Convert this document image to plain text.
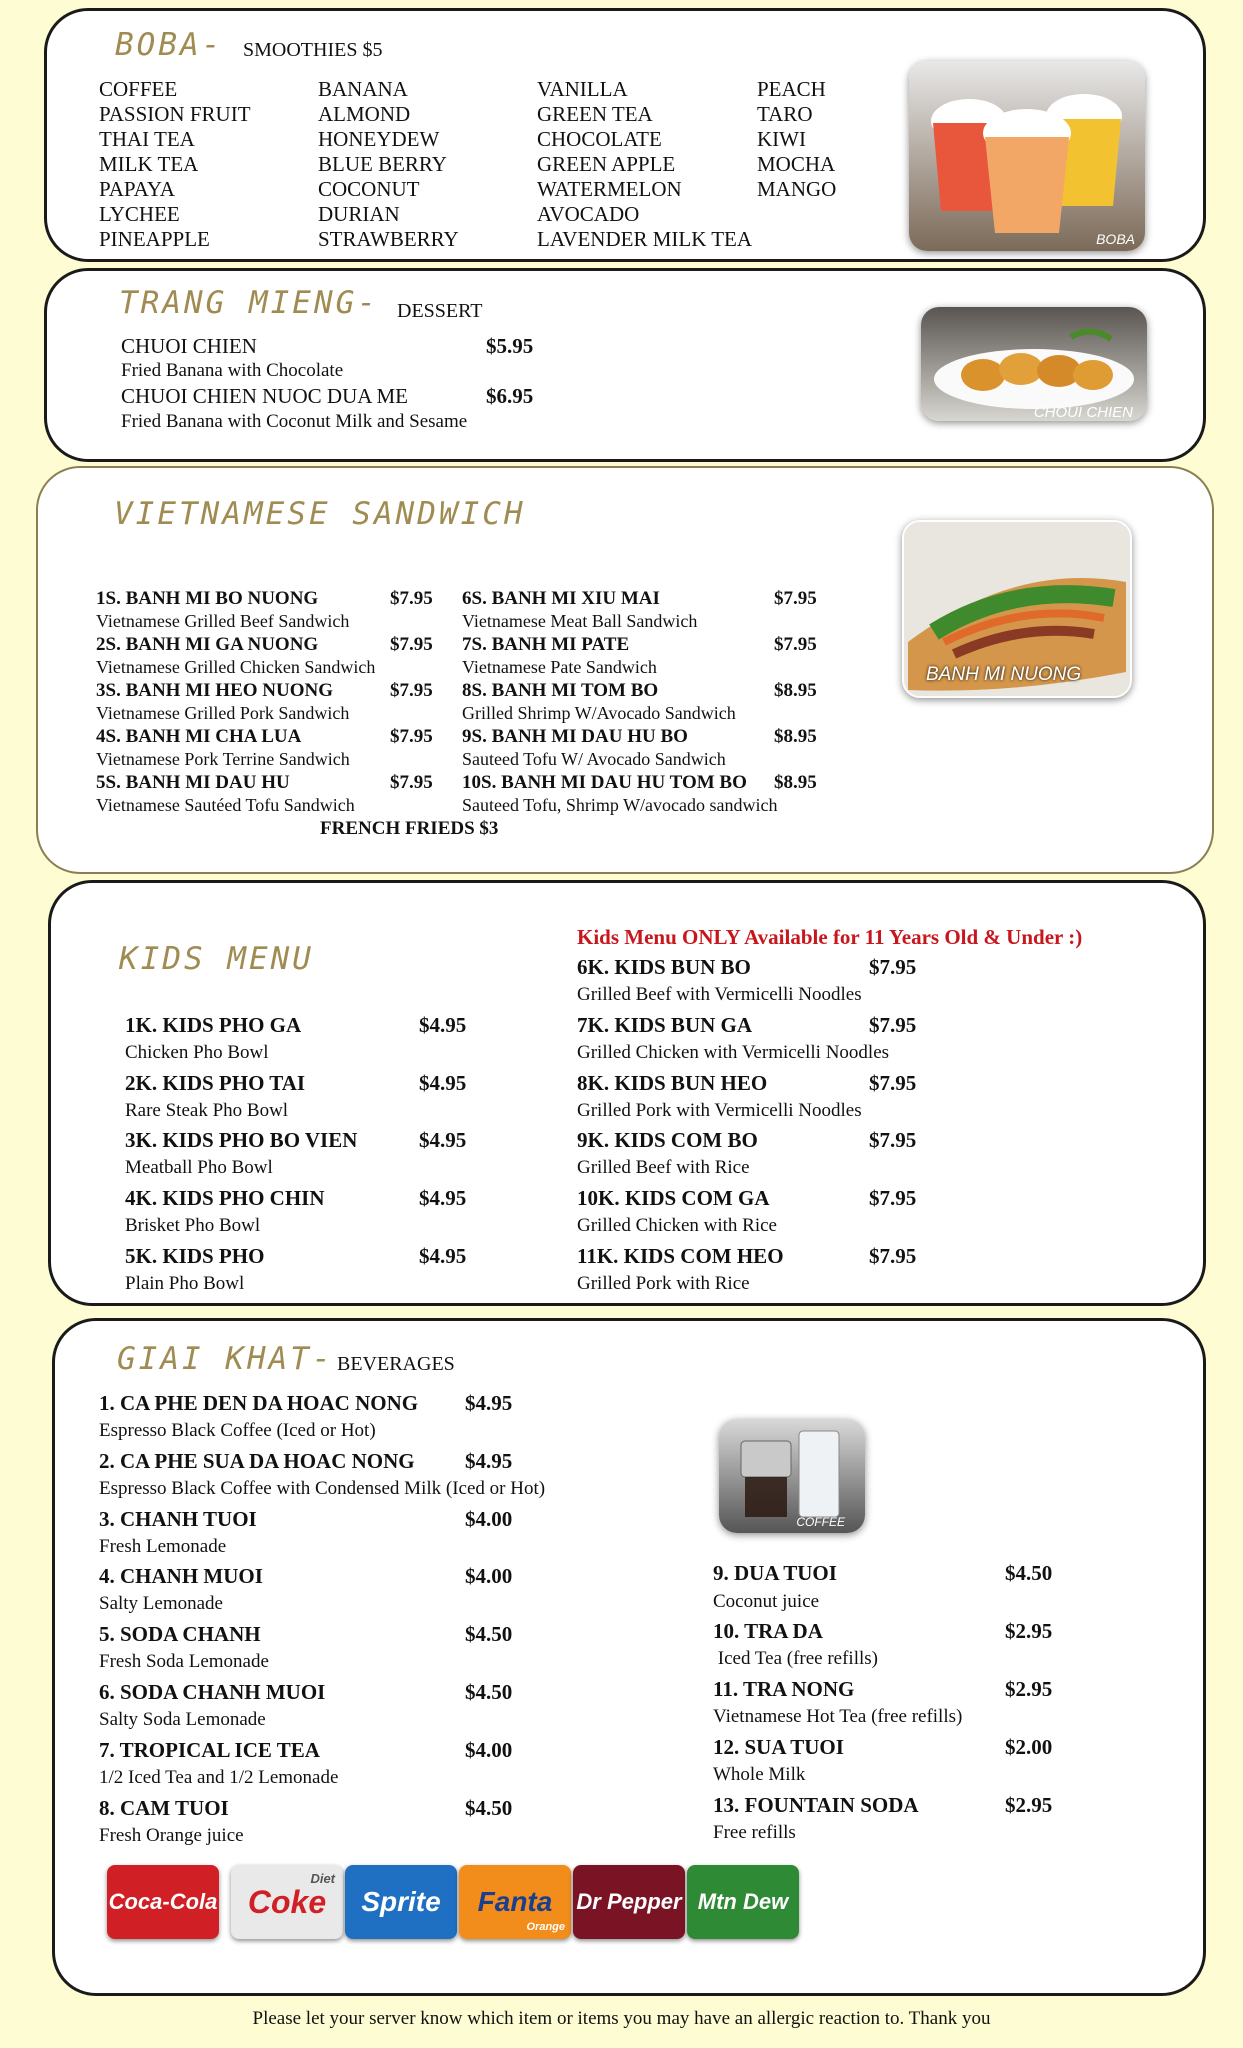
BOBA- SMOOTHIES $5
COFFEE
PASSION FRUIT
THAI TEA
MILK TEA
PAPAYA
LYCHEE
PINEAPPLE
BANANA
ALMOND
HONEYDEW
BLUE BERRY
COCONUT
DURIAN
STRAWBERRY
VANILLA
GREEN TEA
CHOCOLATE
GREEN APPLE
WATERMELON
AVOCADO
LAVENDER MILK TEA
PEACH
TARO
KIWI
MOCHA
MANGO
BOBA
TRANG MIENG- DESSERT
CHUOI CHIEN	$5.95
Fried Banana with Chocolate
CHUOI CHIEN NUOC DUA ME	$6.95
Fried Banana with Coconut Milk and Sesame	CHOUI CHIEN
VIETNAMESE SANDWICH
1S. BANH MI BO NUONG	$7.95
Vietnamese Grilled Beef Sandwich
2S. BANH MI GA NUONG	$7.95
Vietnamese Grilled Chicken Sandwich
3S. BANH MI HEO NUONG	$7.95
Vietnamese Grilled Pork Sandwich
4S. BANH MI CHA LUA	$7.95
Vietnamese Pork Terrine Sandwich
5S. BANH MI DAU HU	$7.95
Vietnamese Sautéed Tofu Sandwich
6S. BANH MI XIU MAI	$7.95
Vietnamese Meat Ball Sandwich
7S. BANH MI PATE	$7.95
Vietnamese Pate Sandwich
8S. BANH MI TOM BO	$8.95
Grilled Shrimp W/Avocado Sandwich
9S. BANH MI DAU HU BO	$8.95
Sauteed Tofu W/ Avocado Sandwich
10S. BANH MI DAU HU TOM BO $8.95
Sauteed Tofu, Shrimp W/avocado sandwich
FRENCH FRIEDS $3
BANH MI NUONG
KIDS MENU
Kids Menu ONLY Available for 11 Years Old & Under :)
1K. KIDS PHO GA	$4.95
Chicken Pho Bowl
2K. KIDS PHO TAI	$4.95
Rare Steak Pho Bowl
3K. KIDS PHO BO VIEN	$4.95
Meatball Pho Bowl
4K. KIDS PHO CHIN	$4.95
Brisket Pho Bowl
5K. KIDS PHO	$4.95
Plain Pho Bowl
6K. KIDS BUN BO	$7.95
Grilled Beef with Vermicelli Noodles
7K. KIDS BUN GA	$7.95
Grilled Chicken with Vermicelli Noodles
8K. KIDS BUN HEO	$7.95
Grilled Pork with Vermicelli Noodles
9K. KIDS COM BO	$7.95
Grilled Beef with Rice
10K. KIDS COM GA	$7.95
Grilled Chicken with Rice
11K. KIDS COM HEO	$7.95
Grilled Pork with Rice
GIAI KHAT- BEVERAGES
1. CA PHE DEN DA HOAC NONG $4.95
Espresso Black Coffee (Iced or Hot)
2. CA PHE SUA DA HOAC NONG $4.95
Espresso Black Coffee with Condensed Milk (Iced or Hot)
3. CHANH TUOI	$4.00
Fresh Lemonade
4. CHANH MUOI	$4.00
Salty Lemonade
5. SODA CHANH	$4.50
Fresh Soda Lemonade
6. SODA CHANH MUOI	$4.50
Salty Soda Lemonade
7. TROPICAL ICE TEA	$4.00
1/2 Iced Tea and 1/2 Lemonade
8. CAM TUOI	$4.50
Fresh Orange juice
COFFEE
9. DUA TUOI	$4.50
Coconut juice
10. TRA DA	$2.95
Iced Tea (free refills)
11. TRA NONG	$2.95
Vietnamese Hot Tea (free refills)
12. SUA TUOI	$2.00
Whole Milk
13. FOUNTAIN SODA	$2.95
Free refills
Coca-Cola Coke
Diet
Sprite Fanta
Orange
Dr Pepper Mtn Dew
Please let your server know which item or items you may have an allergic reaction to. Thank you
